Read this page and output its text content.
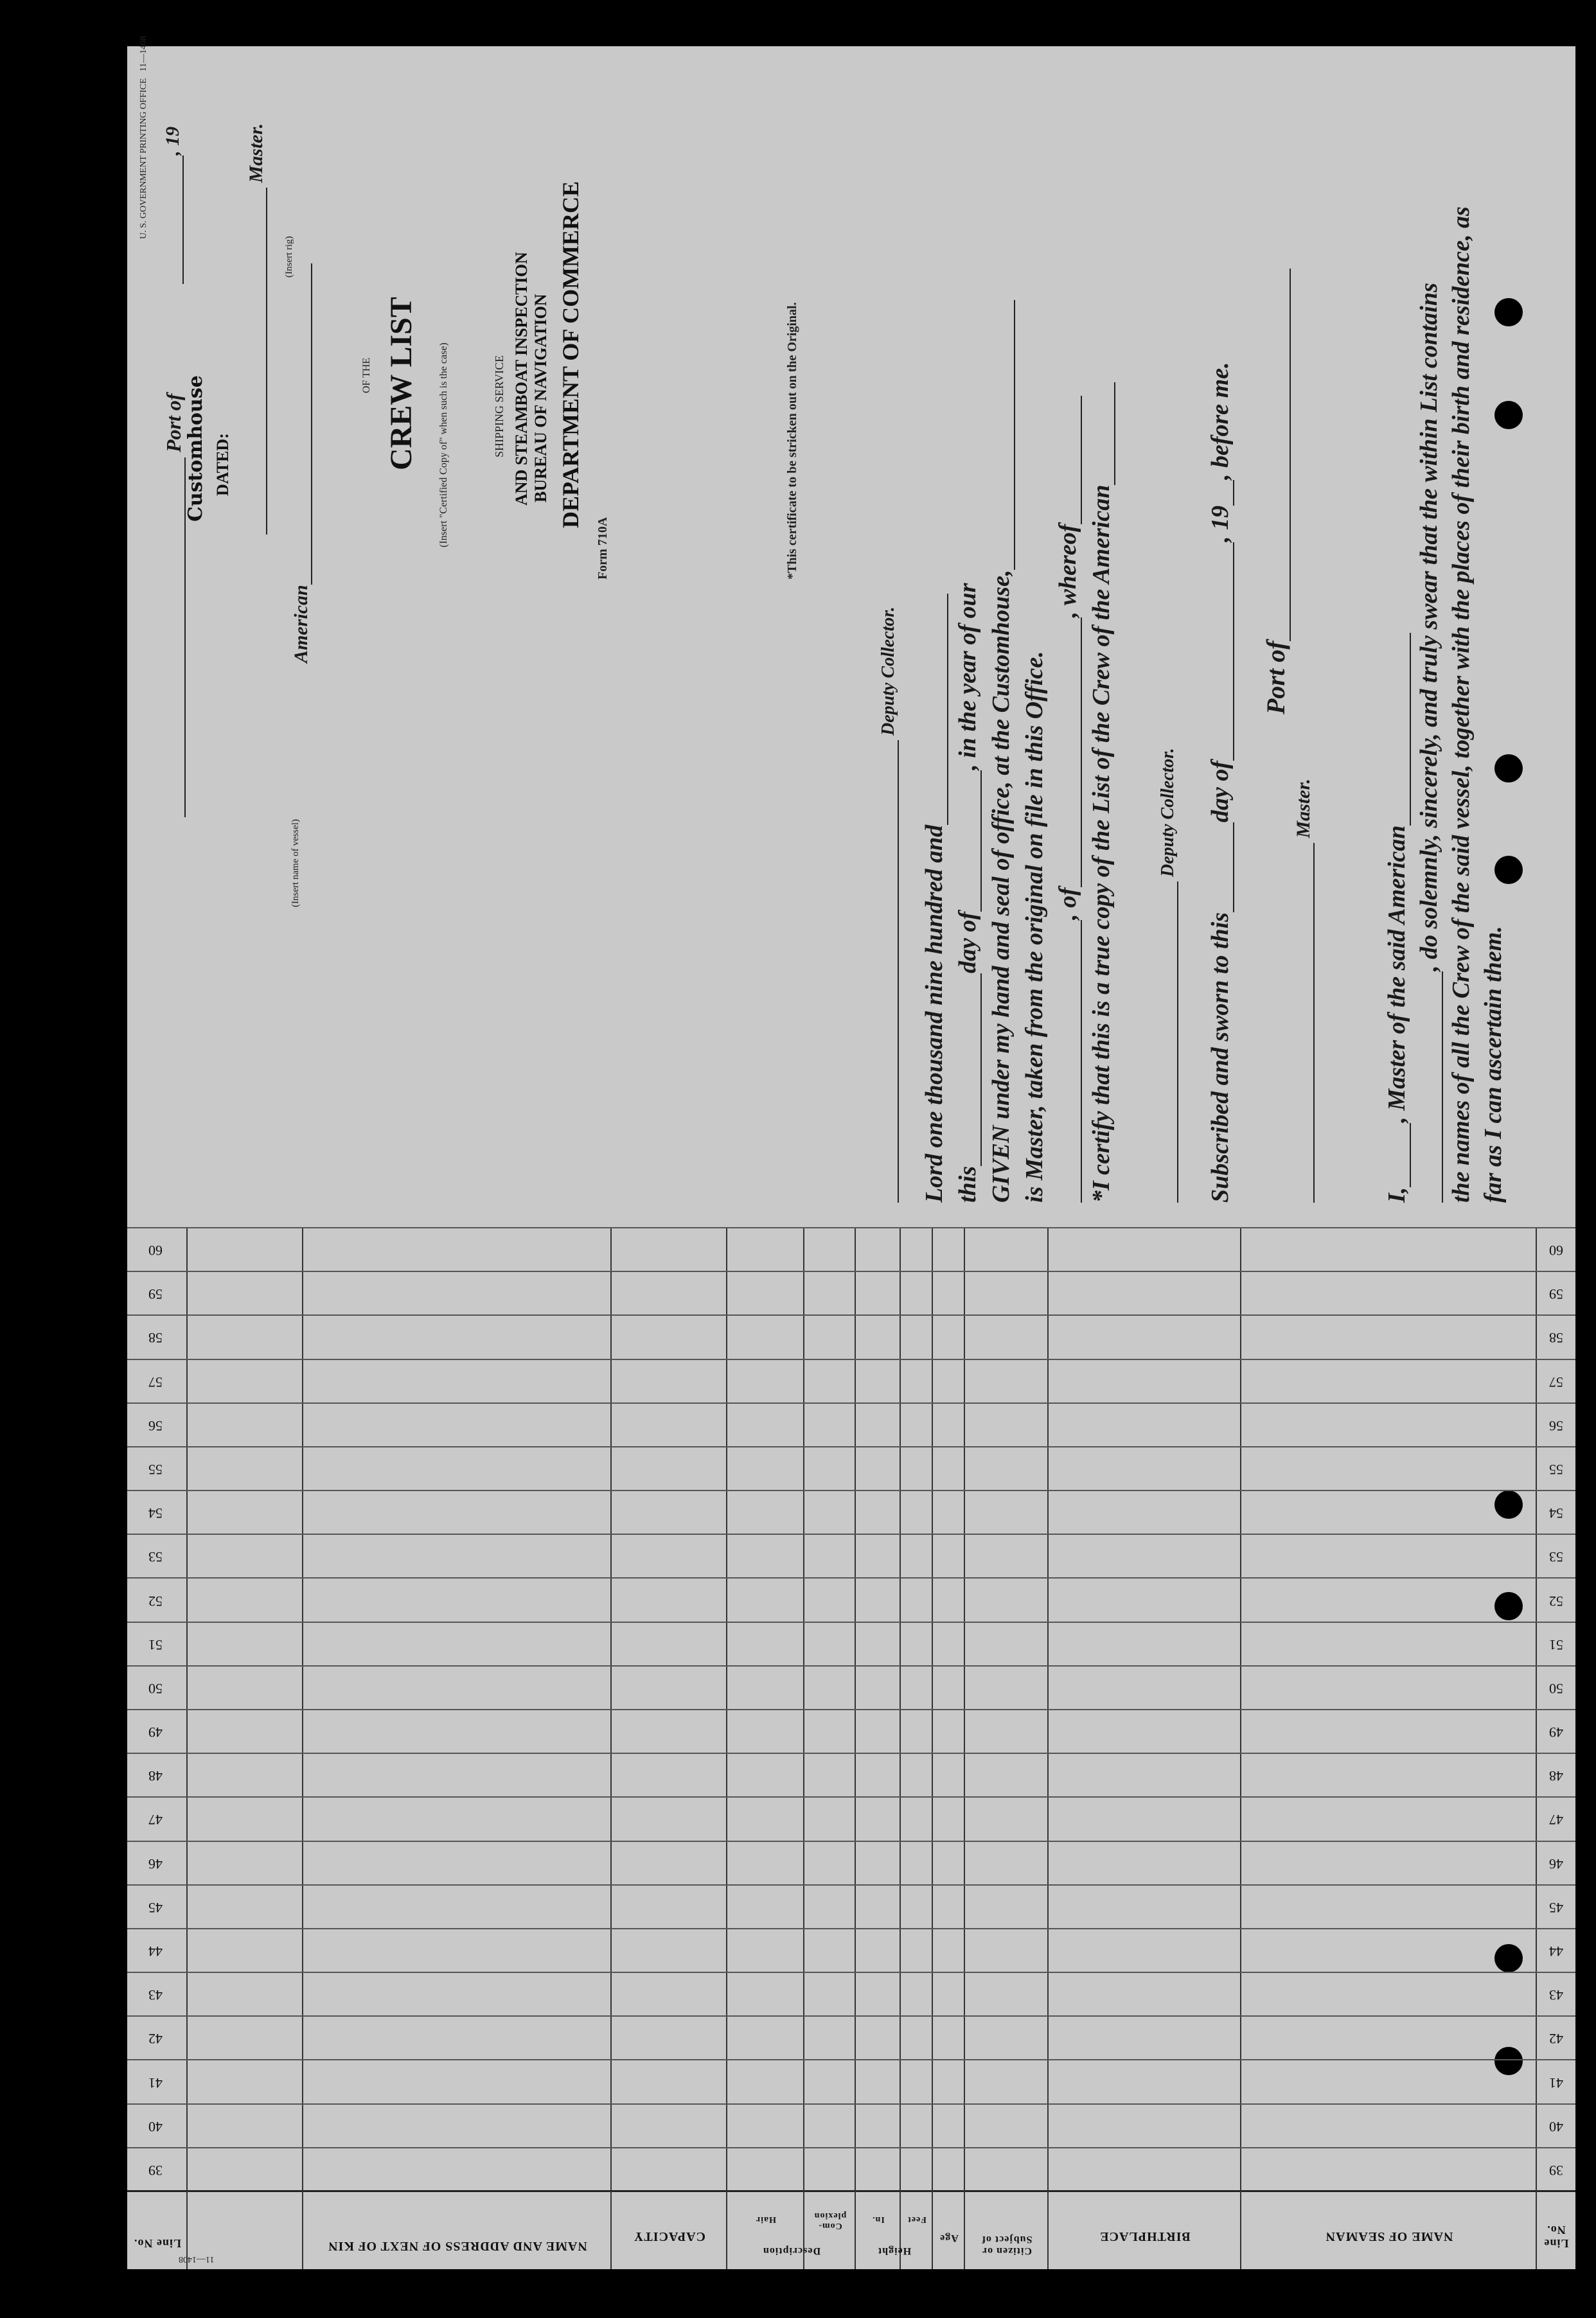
I,, Master of the said American
, do solemnly, sincerely, and truly swear that the within List contains the names of all the Crew of the said vessel, together with the places of their birth and residence, as far as I can ascertain them.
Master.
Port of
Subscribed and sworn to thisday of, 19, before me.
Deputy Collector.
*I certify that this is a true copy of the List of the Crew of the American
, of, whereof
is Master, taken from the original on file in this Office.
GIVEN under my hand and seal of office, at the Customhouse,
thisday of, in the year of our
Lord one thousand nine hundred and
Deputy Collector.
*This certificate to be stricken out on the Original.
Form 710A
DEPARTMENT OF COMMERCE
BUREAU OF NAVIGATION
AND STEAMBOAT INSPECTION
SHIPPING SERVICE
(Insert "Certified Copy of" when such is the case)
CREW LIST
OF THE
American
(Insert rig)
(Insert name of vessel)
Master.
DATED:
Customhouse
Port of
, 19
U. S. GOVERNMENT PRINTING OFFICE   11—1408
Line No.
NAME OF SEAMAN
BIRTHPLACE
Citizen or Subject of
Age
Height
Feet
In.
Description
Com-plexion
Hair
CAPACITY
NAME AND ADDRESS OF NEXT OF KIN
Line No.
39
39
40
40
41
41
42
42
43
43
44
44
45
45
46
46
47
47
48
48
49
49
50
50
51
51
52
52
53
53
54
54
55
55
56
56
57
57
58
58
59
59
60
60
11—1408
